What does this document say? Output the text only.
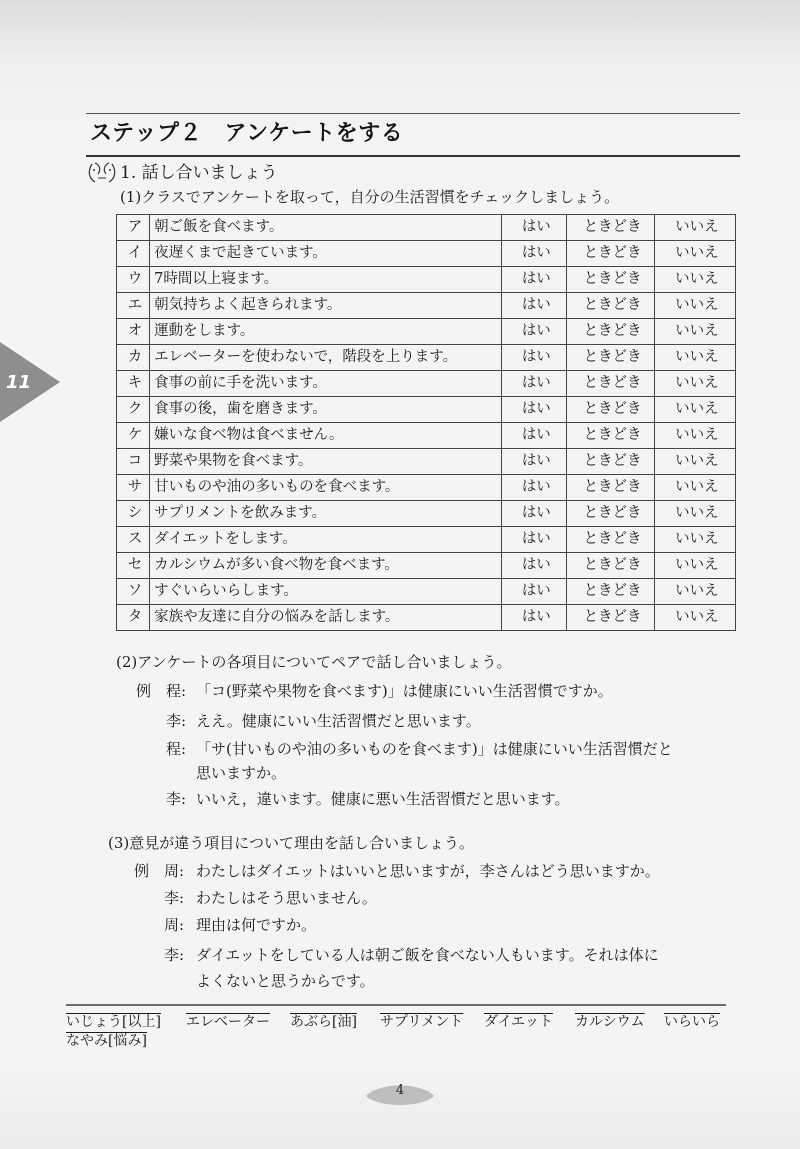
ステップ２　アンケートをする
11
1. 話し合いましょう
(1)クラスでアンケートを取って，自分の生活習慣をチェックしましょう。
ア	朝ご飯を食べます。	はい	ときどき	いいえ
イ	夜遅くまで起きています。	はい	ときどき	いいえ
ウ	7時間以上寝ます。	はい	ときどき	いいえ
エ	朝気持ちよく起きられます。	はい	ときどき	いいえ
オ	運動をします。	はい	ときどき	いいえ
カ	エレベーターを使わないで，階段を上ります。	はい	ときどき	いいえ
キ	食事の前に手を洗います。	はい	ときどき	いいえ
ク	食事の後，歯を磨きます。	はい	ときどき	いいえ
ケ	嫌いな食べ物は食べません。	はい	ときどき	いいえ
コ	野菜や果物を食べます。	はい	ときどき	いいえ
サ	甘いものや油の多いものを食べます。	はい	ときどき	いいえ
シ	サプリメントを飲みます。	はい	ときどき	いいえ
ス	ダイエットをします。	はい	ときどき	いいえ
セ	カルシウムが多い食べ物を食べます。	はい	ときどき	いいえ
ソ	すぐいらいらします。	はい	ときどき	いいえ
タ	家族や友達に自分の悩みを話します。	はい	ときどき	いいえ
(2)アンケートの各項目についてペアで話し合いましょう。
例 程: 「コ(野菜や果物を食べます)」は健康にいい生活習慣ですか。
李: ええ。健康にいい生活習慣だと思います。
程: 「サ(甘いものや油の多いものを食べます)」は健康にいい生活習慣だと
思いますか。
李: いいえ，違います。健康に悪い生活習慣だと思います。
(3)意見が違う項目について理由を話し合いましょう。
例 周: わたしはダイエットはいいと思いますが，李さんはどう思いますか。
李: わたしはそう思いません。
周: 理由は何ですか。
李: ダイエットをしている人は朝ご飯を食べない人もいます。それは体に
よくないと思うからです。
いじょう[以上] エレベーター あぶら[油] サプリメント ダイエット カルシウム いらいら
なやみ[悩み]
4
